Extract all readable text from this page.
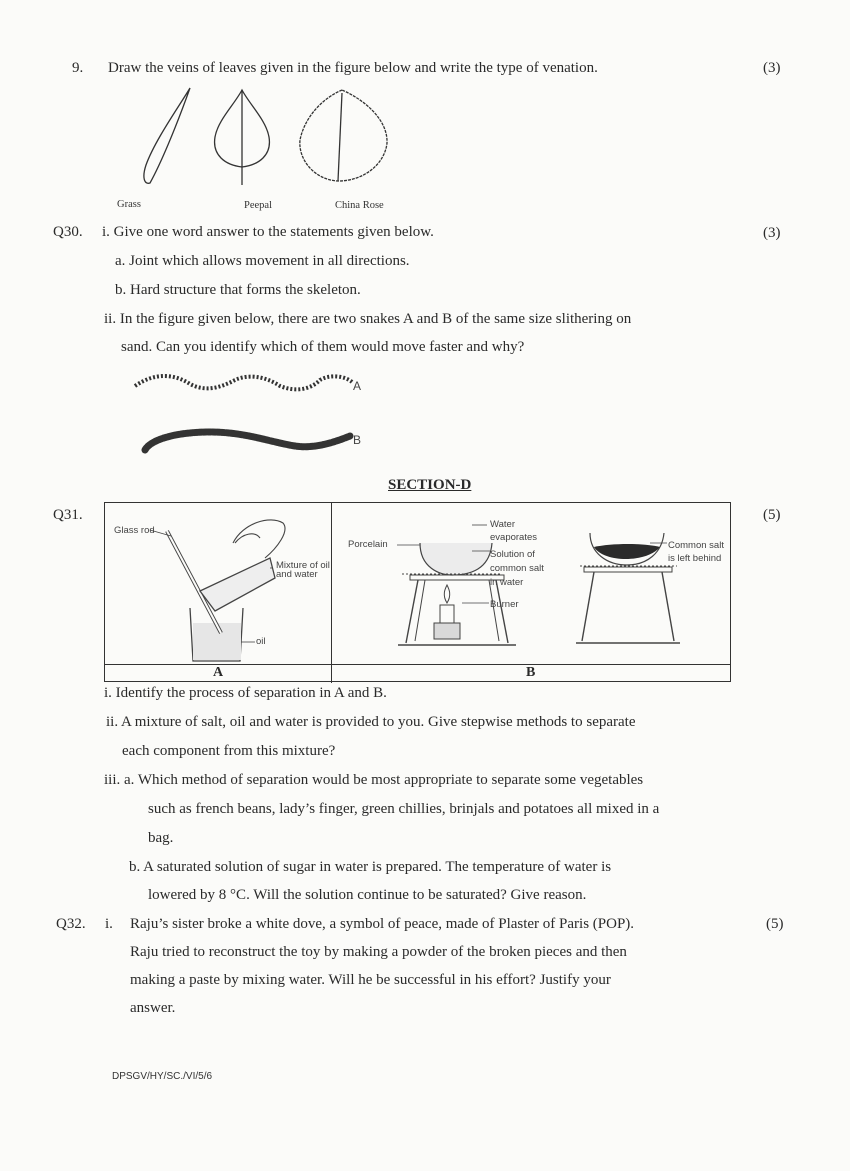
9. Draw the veins of leaves given in the figure below and write the type of venation.	(3)
Grass	Peepal	China Rose
Q30. i. Give one word answer to the statements given below.	(3)
a. Joint which allows movement in all directions.
b. Hard structure that forms the skeleton.
ii. In the figure given below, there are two snakes A and B of the same size slithering on
sand. Can you identify which of them would move faster and why?
A
B
SECTION-D
Q31.	(5)
A	B
Glass rod
Mixture of oil
and water
oil
Porcelain
Water
evaporates
Solution of
common salt
in water
Burner
Common salt
is left behind
i. Identify the process of separation in A and B.
ii. A mixture of salt, oil and water is provided to you. Give stepwise methods to separate
each component from this mixture?
iii. a. Which method of separation would be most appropriate to separate some vegetables
such as french beans, lady’s finger, green chillies, brinjals and potatoes all mixed in a
bag.
b. A saturated solution of sugar in water is prepared. The temperature of water is
lowered by 8 °C. Will the solution continue to be saturated? Give reason.
Q32. i.	(5)
Raju’s sister broke a white dove, a symbol of peace, made of Plaster of Paris (POP).
Raju tried to reconstruct the toy by making a powder of the broken pieces and then
making a paste by mixing water. Will he be successful in his effort? Justify your
answer.
DPSGV/HY/SC./VI/5/6
